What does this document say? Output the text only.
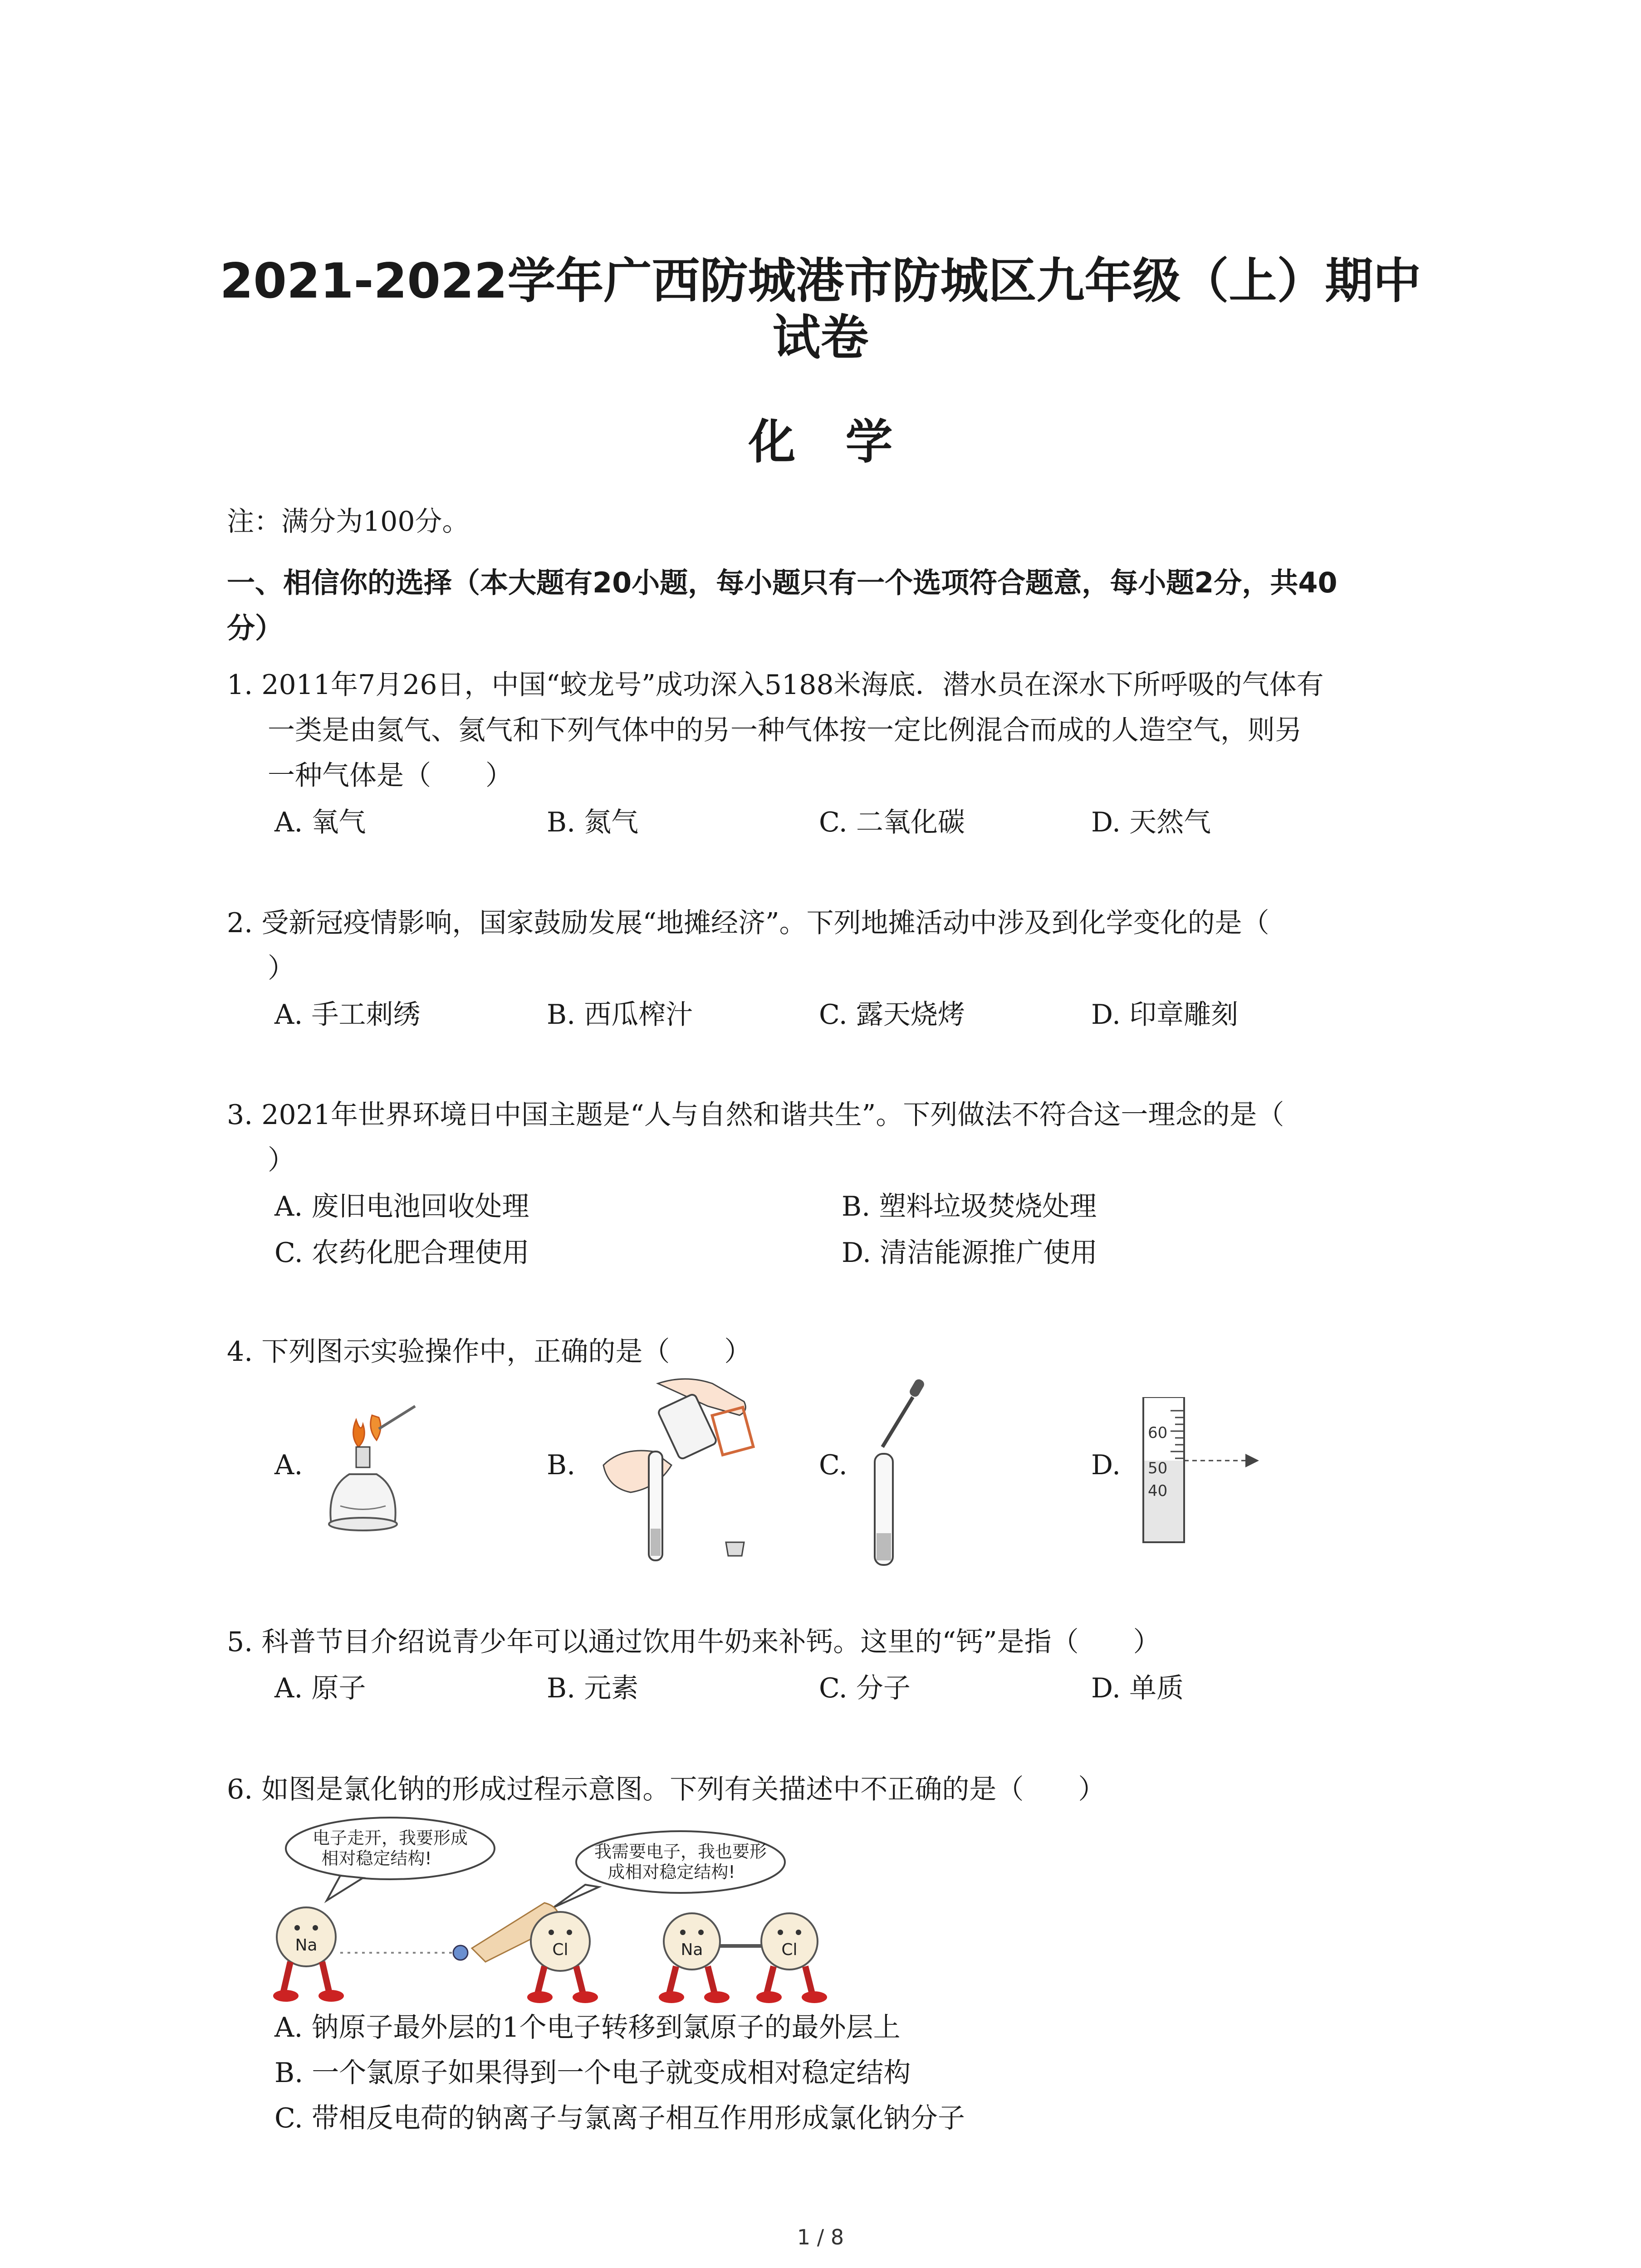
2021-2022学年广西防城港市防城区九年级（上）期中
试卷
化学
注：满分为100分。
一、相信你的选择（本大题有20小题，每小题只有一个选项符合题意，每小题2分，共40
分）
1. 2011年7月26日，中国“蛟龙号”成功深入5188米海底．潜水员在深水下所呼吸的气体有
一类是由氦气、氦气和下列气体中的另一种气体按一定比例混合而成的人造空气，则另
一种气体是（　　）
A. 氧气	B. 氮气	C. 二氧化碳	D. 天然气
2. 受新冠疫情影响，国家鼓励发展“地摊经济”。下列地摊活动中涉及到化学变化的是（
）
A. 手工刺绣	B. 西瓜榨汁	C. 露天烧烤	D. 印章雕刻
3. 2021年世界环境日中国主题是“人与自然和谐共生”。下列做法不符合这一理念的是（
）
A. 废旧电池回收处理	B. 塑料垃圾焚烧处理
C. 农药化肥合理使用	D. 清洁能源推广使用
4. 下列图示实验操作中，正确的是（　　）
A.	B.	C.	D.
60
50
40
5. 科普节目介绍说青少年可以通过饮用牛奶来补钙。这里的“钙”是指（　　）
A. 原子	B. 元素	C. 分子	D. 单质
6. 如图是氯化钠的形成过程示意图。下列有关描述中不正确的是（　　）
电子走开，我要形成
相对稳定结构!	我需要电子，我也要形
成相对稳定结构!
Na	Cl	Na	Cl
A. 钠原子最外层的1个电子转移到氯原子的最外层上
B. 一个氯原子如果得到一个电子就变成相对稳定结构
C. 带相反电荷的钠离子与氯离子相互作用形成氯化钠分子
1 / 8
